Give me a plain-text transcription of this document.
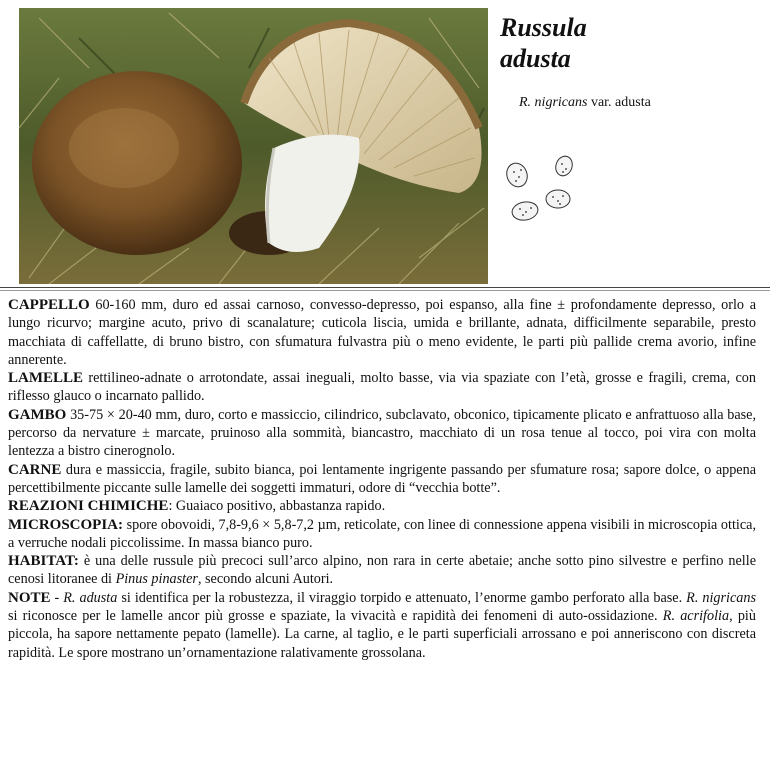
Russula
adusta
R. nigricans var. adusta

CAPPELLO 60-160 mm, duro ed assai carnoso, convesso-depresso, poi espanso, alla fine ± profondamente depresso, orlo a lungo ricurvo; margine acuto, privo di scanalature; cuticola liscia, umida e brillante, adnata, difficilmente separabile, presto macchiata di caffellatte, di bruno bistro, con sfumatura fulvastra più o meno evidente, le parti più pallide crema avorio, infine annerente.

LAMELLE rettilineo-adnate o arrotondate, assai ineguali, molto basse, via via spaziate con l’età, grosse e fragili, crema, con riflesso glauco o incarnato pallido.

GAMBO 35-75 × 20-40 mm, duro, corto e massiccio, cilindrico, subclavato, obconico, tipicamente plicato e anfrattuoso alla base, percorso da nervature ± marcate, pruinoso alla sommità, biancastro, macchiato di un rosa tenue al tocco, poi vira con molta lentezza a bistro cinerognolo.

CARNE dura e massiccia, fragile, subito bianca, poi lentamente ingrigente passando per sfumature rosa; sapore dolce, o appena percettibilmente piccante sulle lamelle dei soggetti immaturi, odore di “vecchia botte”.

REAZIONI CHIMICHE: Guaiaco positivo, abbastanza rapido.

MICROSCOPIA: spore obovoidi, 7,8-9,6 × 5,8-7,2 µm, reticolate, con linee di connessione appena visibili in microscopia ottica, a verruche nodali piccolissime. In massa bianco puro.

HABITAT: è una delle russule più precoci sull’arco alpino, non rara in certe abetaie; anche sotto pino silvestre e perfino nelle cenosi litoranee di Pinus pinaster, secondo alcuni Autori.

NOTE - R. adusta si identifica per la robustezza, il viraggio torpido e attenuato, l’enorme gambo perforato alla base. R. nigricans si riconosce per le lamelle ancor più grosse e spaziate, la vivacità e rapidità dei fenomeni di auto-ossidazione. R. acrifolia, più piccola, ha sapore nettamente pepato (lamelle). La carne, al taglio, e le parti superficiali arrossano e poi anneriscono con discreta rapidità. Le spore mostrano un’ornamentazione ralativamente grossolana.
